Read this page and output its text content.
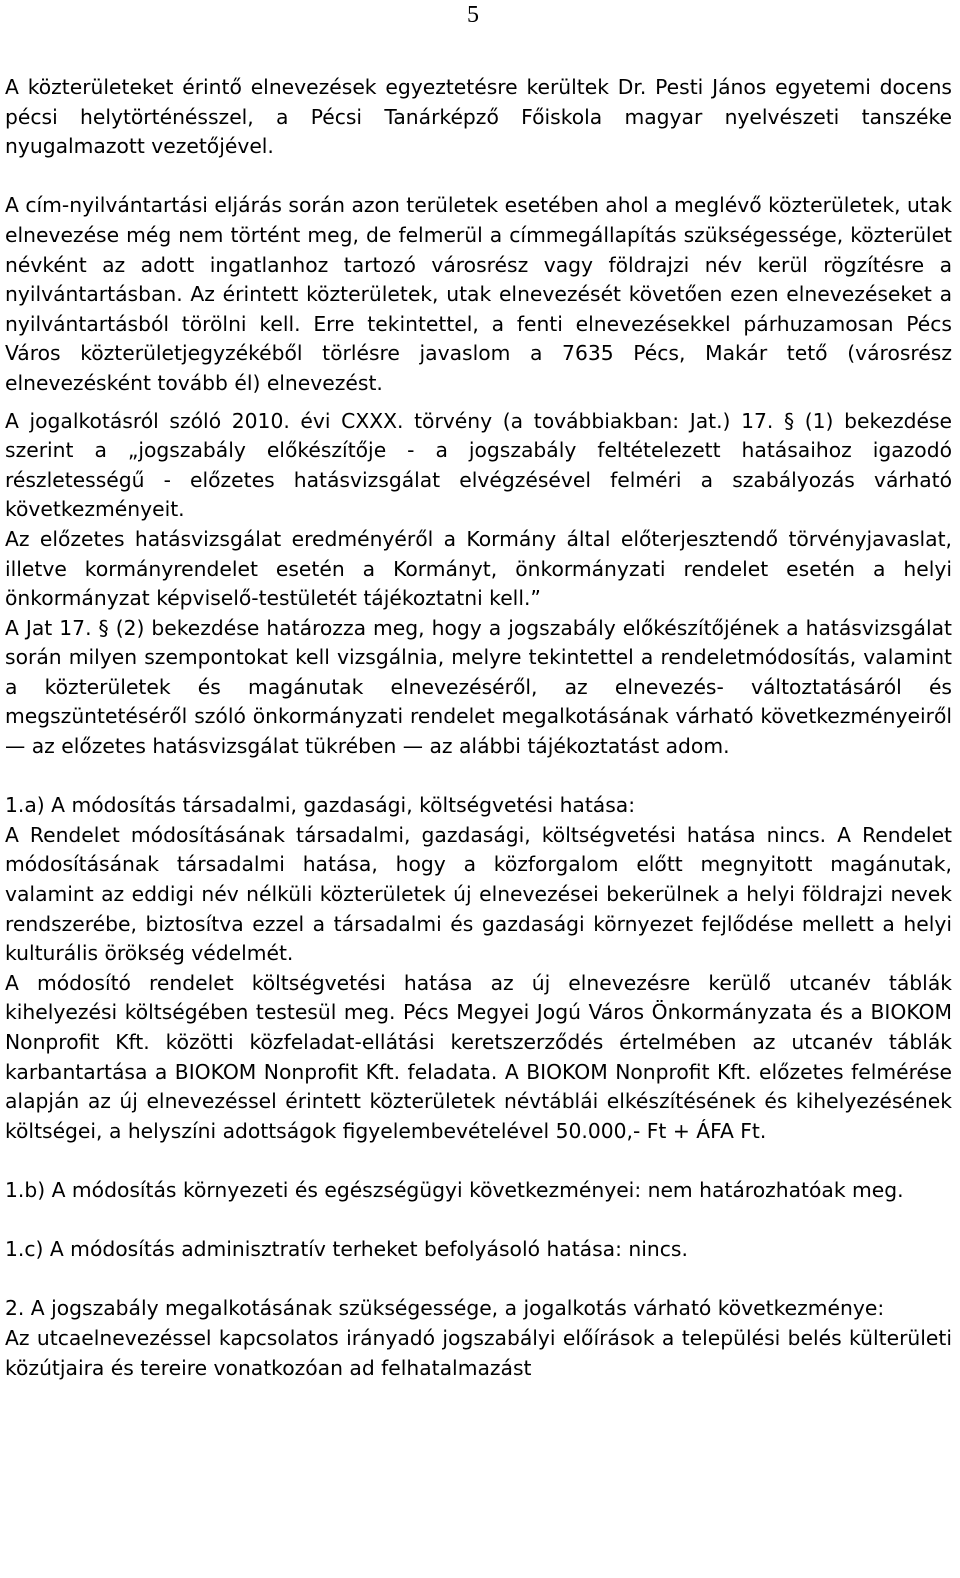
5

A közterületeket érintő elnevezések egyeztetésre kerültek Dr. Pesti János egyetemi docens pécsi helytörténésszel, a Pécsi Tanárképző Főiskola magyar nyelvészeti tanszéke nyugalmazott vezetőjével.

A cím-nyilvántartási eljárás során azon területek esetében ahol a meglévő közterületek, utak elnevezése még nem történt meg, de felmerül a címmegállapítás szükségessége, közterület névként az adott ingatlanhoz tartozó városrész vagy földrajzi név kerül rögzítésre a nyilvántartásban. Az érintett közterületek, utak elnevezését követően ezen elnevezéseket a nyilvántartásból törölni kell. Erre tekintettel, a fenti elnevezésekkel párhuzamosan Pécs Város közterületjegyzékéből törlésre javaslom a 7635 Pécs, Makár tető (városrész elnevezésként tovább él) elnevezést.

A jogalkotásról szóló 2010. évi CXXX. törvény (a továbbiakban: Jat.) 17. § (1) bekezdése szerint a „jogszabály előkészítője - a jogszabály feltételezett hatásaihoz igazodó részletességű - előzetes hatásvizsgálat elvégzésével felméri a szabályozás várható következményeit.

Az előzetes hatásvizsgálat eredményéről a Kormány által előterjesztendő törvényjavaslat, illetve kormányrendelet esetén a Kormányt, önkormányzati rendelet esetén a helyi önkormányzat képviselő-testületét tájékoztatni kell.”

A Jat 17. § (2) bekezdése határozza meg, hogy a jogszabály előkészítőjének a hatásvizsgálat során milyen szempontokat kell vizsgálnia, melyre tekintettel a rendeletmódosítás, valamint a közterületek és magánutak elnevezéséről, az elnevezés- változtatásáról és megszüntetéséről szóló önkormányzati rendelet megalkotásának várható következményeiről — az előzetes hatásvizsgálat tükrében — az alábbi tájékoztatást adom.

1.a) A módosítás társadalmi, gazdasági, költségvetési hatása:

A Rendelet módosításának társadalmi, gazdasági, költségvetési hatása nincs. A Rendelet módosításának társadalmi hatása, hogy a közforgalom előtt megnyitott magánutak, valamint az eddigi név nélküli közterületek új elnevezései bekerülnek a helyi földrajzi nevek rendszerébe, biztosítva ezzel a társadalmi és gazdasági környezet fejlődése mellett a helyi kulturális örökség védelmét.

A módosító rendelet költségvetési hatása az új elnevezésre kerülő utcanév táblák kihelyezési költségében testesül meg. Pécs Megyei Jogú Város Önkormányzata és a BIOKOM Nonprofit Kft. közötti közfeladat-ellátási keretszerződés értelmében az utcanév táblák karbantartása a BIOKOM Nonprofit Kft. feladata. A BIOKOM Nonprofit Kft. előzetes felmérése alapján az új elnevezéssel érintett közterületek névtáblái elkészítésének és kihelyezésének költségei, a helyszíni adottságok figyelembevételével 50.000,- Ft + ÁFA Ft.

1.b) A módosítás környezeti és egészségügyi következményei: nem határozhatóak meg.

1.c) A módosítás adminisztratív terheket befolyásoló hatása: nincs.

2. A jogszabály megalkotásának szükségessége, a jogalkotás várható következménye:

Az utcaelnevezéssel kapcsolatos irányadó jogszabályi előírások a települési belés külterületi közútjaira és tereire vonatkozóan ad felhatalmazást
